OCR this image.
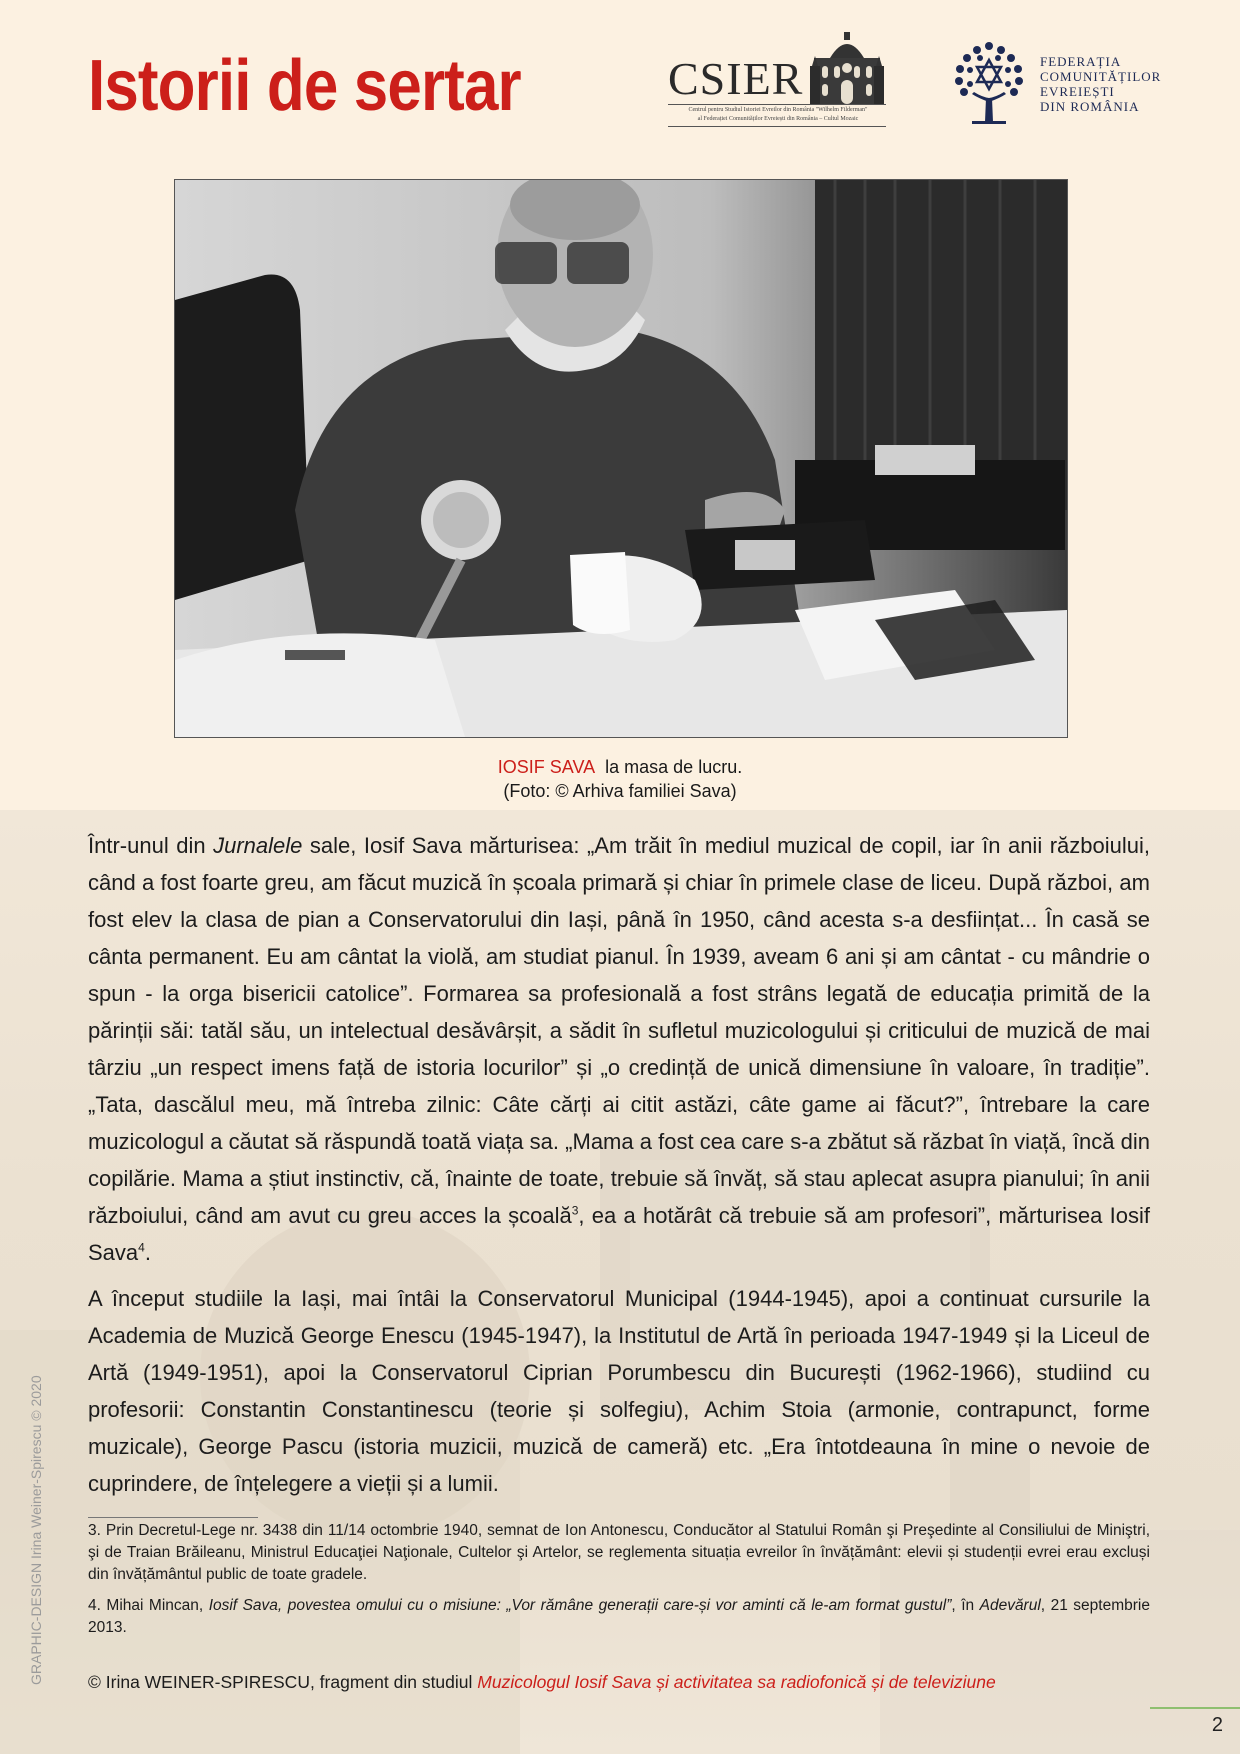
Istorii de sertar	CSIER
Centrul pentru Studiul Istoriei Evreilor din România "Wilhelm Filderman"
al Federației Comunităților Evreiești din România – Cultul Mozaic
FEDERAȚIA
COMUNITĂȚILOR
EVREIEȘTI
DIN ROMÂNIA
IOSIF SAVA la masa de lucru.
(Foto: © Arhiva familiei Sava)

Într-unul din Jurnalele sale, Iosif Sava mărturisea: „Am trăit în mediul muzical de copil, iar în anii războiului, când a fost foarte greu, am făcut muzică în școala primară și chiar în primele clase de liceu. După război, am fost elev la clasa de pian a Conservatorului din Iași, până în 1950, când acesta s-a desființat... În casă se cânta permanent. Eu am cântat la violă, am studiat pianul. În 1939, aveam 6 ani și am cântat - cu mândrie o spun - la orga bisericii catolice”. Formarea sa profesională a fost strâns legată de educația primită de la părinții săi: tatăl său, un intelectual desăvârșit, a sădit în sufletul muzicologului și criticului de muzică de mai târziu „un respect imens față de istoria locurilor” și „o credință de unică dimensiune în valoare, în tradiție”. „Tata, dascălul meu, mă întreba zilnic: Câte cărți ai citit astăzi, câte game ai făcut?”, întrebare la care muzicologul a căutat să răspundă toată viața sa. „Mama a fost cea care s-a zbătut să răzbat în viață, încă din copilărie. Mama a știut instinctiv, că, înainte de toate, trebuie să învăț, să stau aplecat asupra pianului; în anii războiului, când am avut cu greu acces la școală$^3$, ea a hotărât că trebuie să am profesori”, mărturisea Iosif Sava$^4$.

A început studiile la Iași, mai întâi la Conservatorul Municipal (1944-1945), apoi a continuat cursurile la Academia de Muzică George Enescu (1945-1947), la Institutul de Artă în perioada 1947-1949 și la Liceul de Artă (1949-1951), apoi la Conservatorul Ciprian Porumbescu din București (1962-1966), studiind cu profesorii: Constantin Constantinescu (teorie și solfegiu), Achim Stoia (armonie, contrapunct, forme muzicale), George Pascu (istoria muzicii, muzică de cameră) etc. „Era întotdeauna în mine o nevoie de cuprindere, de înțelegere a vieții și a lumii.

3. Prin Decretul-Lege nr. 3438 din 11/14 octombrie 1940, semnat de Ion Antonescu, Conducător al Statului Român şi Preşedinte al Consiliului de Miniştri, şi de Traian Brăileanu, Ministrul Educaţiei Naţionale, Cultelor şi Artelor, se reglementa situația evreilor în învățământ: elevii și studenții evrei erau excluși din învățământul public de toate gradele.

4. Mihai Mincan, Iosif Sava, povestea omului cu o misiune: „Vor rămâne generații care-și vor aminti că le-am format gustul”, în Adevărul, 21 septembrie 2013.

© Irina WEINER-SPIRESCU, fragment din studiul Muzicologul Iosif Sava și activitatea sa radiofonică și de televiziune
GRAPHIC-DESIGN Irina Weiner-Spirescu © 2020
2
